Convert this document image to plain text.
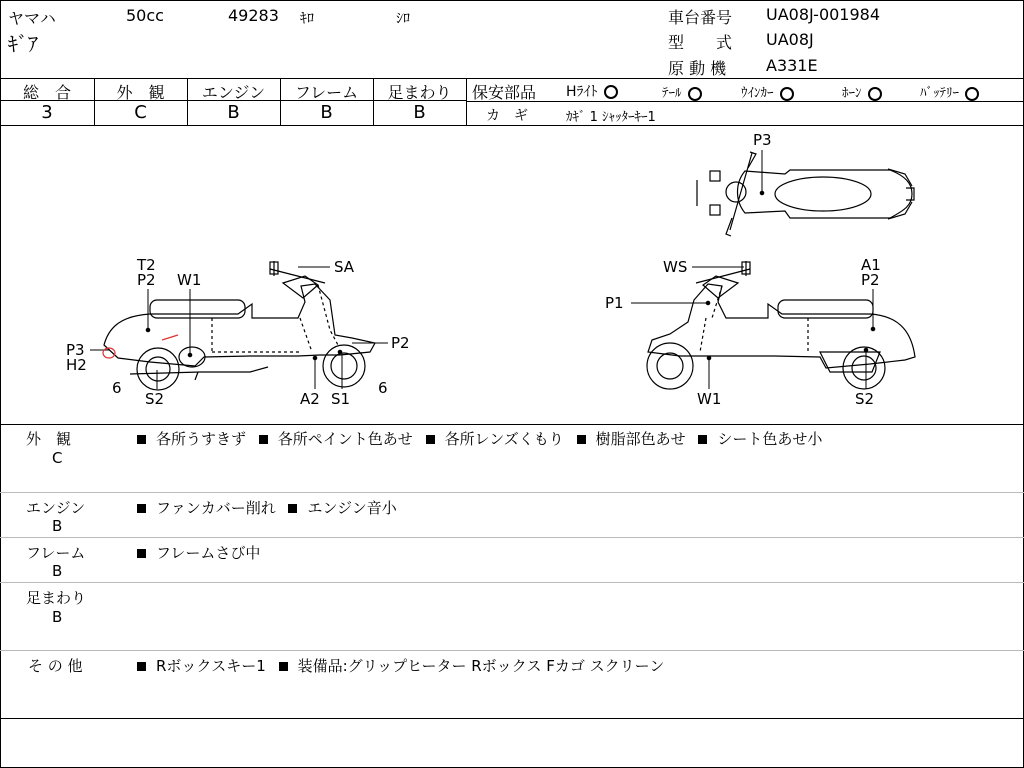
ヤマハ	50cc	49283 ｷﾛ	ｼﾛ
ｷﾞｱ
車台番号 UA08J-001984
型　　式 UA08J
原 動 機 A331E
総　合	外　観	エンジン	フレーム	足まわり
3	C	B	B	B
保安部品 Hﾗｲﾄ	ﾃｰﾙ	ｳｲﾝｶｰ	ﾎｰﾝ	ﾊﾞｯﾃﾘｰ
カ　ギ	ｶｷﾞ 1 ｼｬｯﾀｰｷｰ1
T2
P2 W1
SA
P3
H2
P2
6
S2	A2 S1
6
P3
WS	A1
P2
P1
W1	S2
外　観
C
各所うすきず 各所ペイント色あせ 各所レンズくもり 樹脂部色あせ シート色あせ小
エンジン
B
ファンカバー削れ エンジン音小
フレーム
B
フレームさび中
足まわり
B
そ の 他	Rボックスキー1 装備品:グリップヒーター Rボックス Fカゴ スクリーン
